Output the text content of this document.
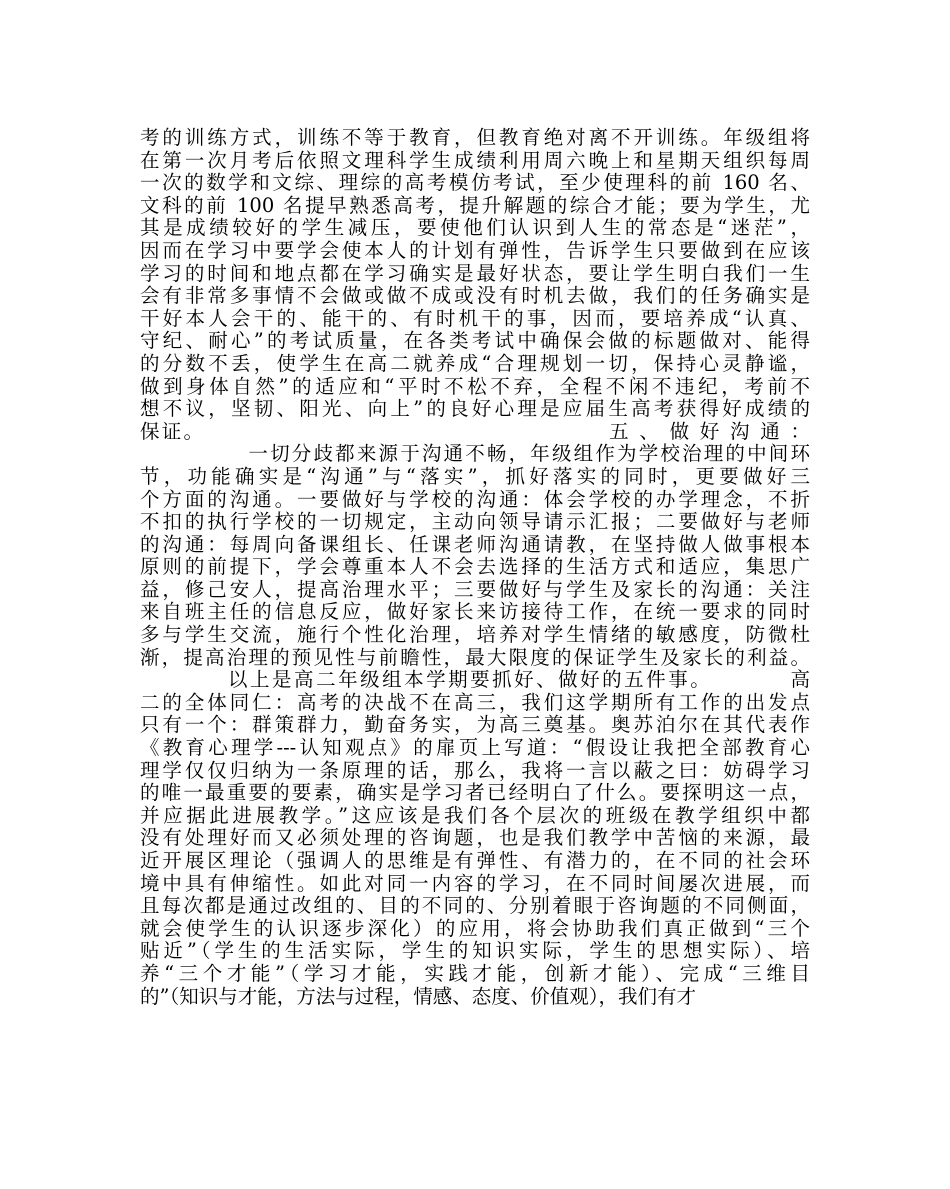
考的训练方式，训练不等于教育，但教育绝对离不开训练。年级组将
在第一次月考后依照文理科学生成绩利用周六晚上和星期天组织每周
一次的数学和文综、理综的高考模仿考试，至少使理科的前 160 名、
文科的前 100 名提早熟悉高考，提升解题的综合才能；要为学生，尤
其是成绩较好的学生减压，要使他们认识到人生的常态是“迷茫”，
因而在学习中要学会使本人的计划有弹性，告诉学生只要做到在应该
学习的时间和地点都在学习确实是最好状态，要让学生明白我们一生
会有非常多事情不会做或做不成或没有时机去做，我们的任务确实是
干好本人会干的、能干的、有时机干的事，因而，要培养成“认真、
守纪、耐心”的考试质量，在各类考试中确保会做的标题做对、能得
的分数不丢，使学生在高二就养成“合理规划一切，保持心灵静谧，
做到身体自然”的适应和“平时不松不弃，全程不闲不违纪，考前不
想不议，坚韧、阳光、向上”的良好心理是应届生高考获得好成绩的
保证。　　　　　　　　　　　　　　　　　　　五 、 做 好 沟 通 ：
　　　　　一切分歧都来源于沟通不畅，年级组作为学校治理的中间环
节，功能确实是“沟通”与“落实”，抓好落实的同时，更要做好三
个方面的沟通。一要做好与学校的沟通：体会学校的办学理念，不折
不扣的执行学校的一切规定，主动向领导请示汇报；二要做好与老师
的沟通：每周向备课组长、任课老师沟通请教，在坚持做人做事根本
原则的前提下，学会尊重本人不会去选择的生活方式和适应，集思广
益，修己安人，提高治理水平；三要做好与学生及家长的沟通：关注
来自班主任的信息反应，做好家长来访接待工作，在统一要求的同时
多与学生交流，施行个性化治理，培养对学生情绪的敏感度，防微杜
渐，提高治理的预见性与前瞻性，最大限度的保证学生及家长的利益。
　　　　以上是高二年级组本学期要抓好、做好的五件事。　　　　高
二的全体同仁：高考的决战不在高三，我们这学期所有工作的出发点
只有一个：群策群力，勤奋务实，为高三奠基。奥苏泊尔在其代表作
《教育心理学---认知观点》的扉页上写道：“假设让我把全部教育心
理学仅仅归纳为一条原理的话，那么，我将一言以蔽之曰：妨碍学习
的唯一最重要的要素，确实是学习者已经明白了什么。要探明这一点，
并应据此进展教学。”这应该是我们各个层次的班级在教学组织中都
没有处理好而又必须处理的咨询题，也是我们教学中苦恼的来源，最
近开展区理论（强调人的思维是有弹性、有潜力的，在不同的社会环
境中具有伸缩性。如此对同一内容的学习，在不同时间屡次进展，而
且每次都是通过改组的、目的不同的、分别着眼于咨询题的不同侧面，
就会使学生的认识逐步深化）的应用，将会协助我们真正做到“三个
贴近”（学生的生活实际，学生的知识实际，学生的思想实际）、培
养“三个才能”（学习才能，实践才能，创新才能）、完成“三维目
的”（知识与才能，方法与过程，情感、态度、价值观），我们有才
